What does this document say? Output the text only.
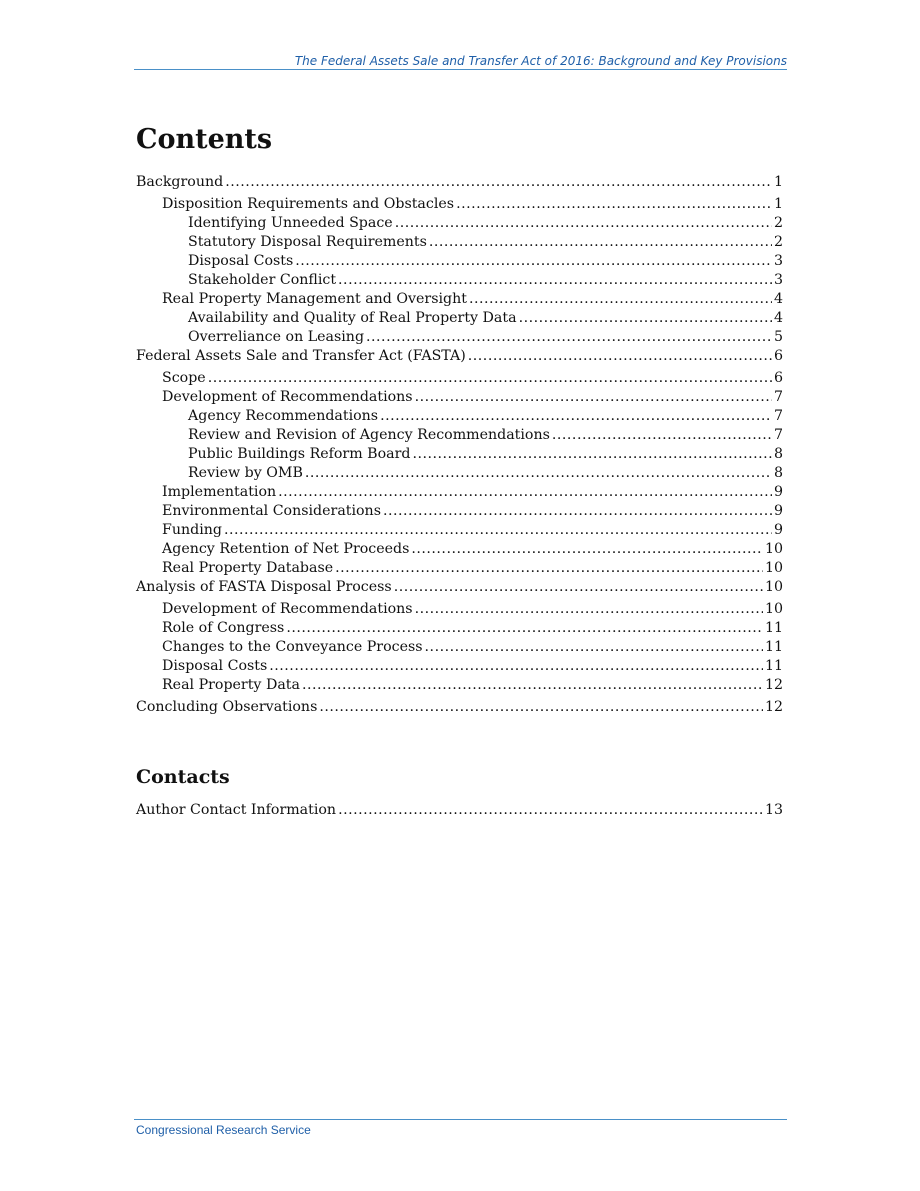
The Federal Assets Sale and Transfer Act of 2016: Background and Key Provisions
Contents
Background .....	1
Disposition Requirements and Obstacles .....	1
Identifying Unneeded Space .....	2
Statutory Disposal Requirements .....	2
Disposal Costs .....	3
Stakeholder Conflict .....	3
Real Property Management and Oversight .....	4
Availability and Quality of Real Property Data .....	4
Overreliance on Leasing .....	5
Federal Assets Sale and Transfer Act (FASTA) .....	6
Scope .....	6
Development of Recommendations .....	7
Agency Recommendations .....	7
Review and Revision of Agency Recommendations .....	7
Public Buildings Reform Board .....	8
Review by OMB .....	8
Implementation .....	9
Environmental Considerations .....	9
Funding .....	9
Agency Retention of Net Proceeds .....	10
Real Property Database .....	10
Analysis of FASTA Disposal Process .....	10
Development of Recommendations .....	10
Role of Congress .....	11
Changes to the Conveyance Process .....	11
Disposal Costs .....	11
Real Property Data .....	12
Concluding Observations .....	12
Contacts
Author Contact Information .....	13
Congressional Research Service
